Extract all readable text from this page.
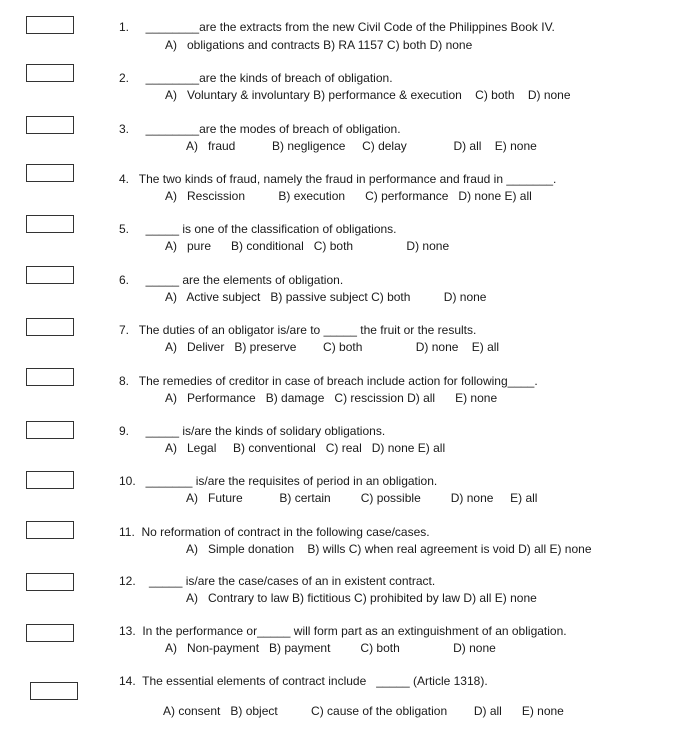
1.     ________are the extracts from the new Civil Code of the Philippines Book IV.
A)   obligations and contracts B) RA 1157 C) both D) none
2.     ________are the kinds of breach of obligation.
A)   Voluntary & involuntary B) performance & execution    C) both    D) none
3.     ________are the modes of breach of obligation.
A)   fraud           B) negligence     C) delay              D) all    E) none
4.   The two kinds of fraud, namely the fraud in performance and fraud in _______.
A)   Rescission          B) execution      C) performance   D) none E) all
5.     _____ is one of the classification of obligations.
A)   pure      B) conditional   C) both                D) none
6.     _____ are the elements of obligation.
A)   Active subject   B) passive subject C) both          D) none
7.   The duties of an obligator is/are to _____ the fruit or the results.
A)   Deliver   B) preserve        C) both                D) none    E) all
8.   The remedies of creditor in case of breach include action for following____.
A)   Performance   B) damage   C) rescission D) all      E) none
9.     _____ is/are the kinds of solidary obligations.
A)   Legal     B) conventional   C) real   D) none E) all
10.   _______ is/are the requisites of period in an obligation.
A)   Future           B) certain         C) possible         D) none     E) all
11.  No reformation of contract in the following case/cases.
A)   Simple donation    B) wills C) when real agreement is void D) all E) none
12.    _____ is/are the case/cases of an in existent contract.
A)   Contrary to law B) fictitious C) prohibited by law D) all E) none
13.  In the performance or_____ will form part as an extinguishment of an obligation.
A)   Non-payment   B) payment         C) both                D) none
14.  The essential elements of contract include   _____ (Article 1318).
A) consent   B) object          C) cause of the obligation        D) all      E) none
